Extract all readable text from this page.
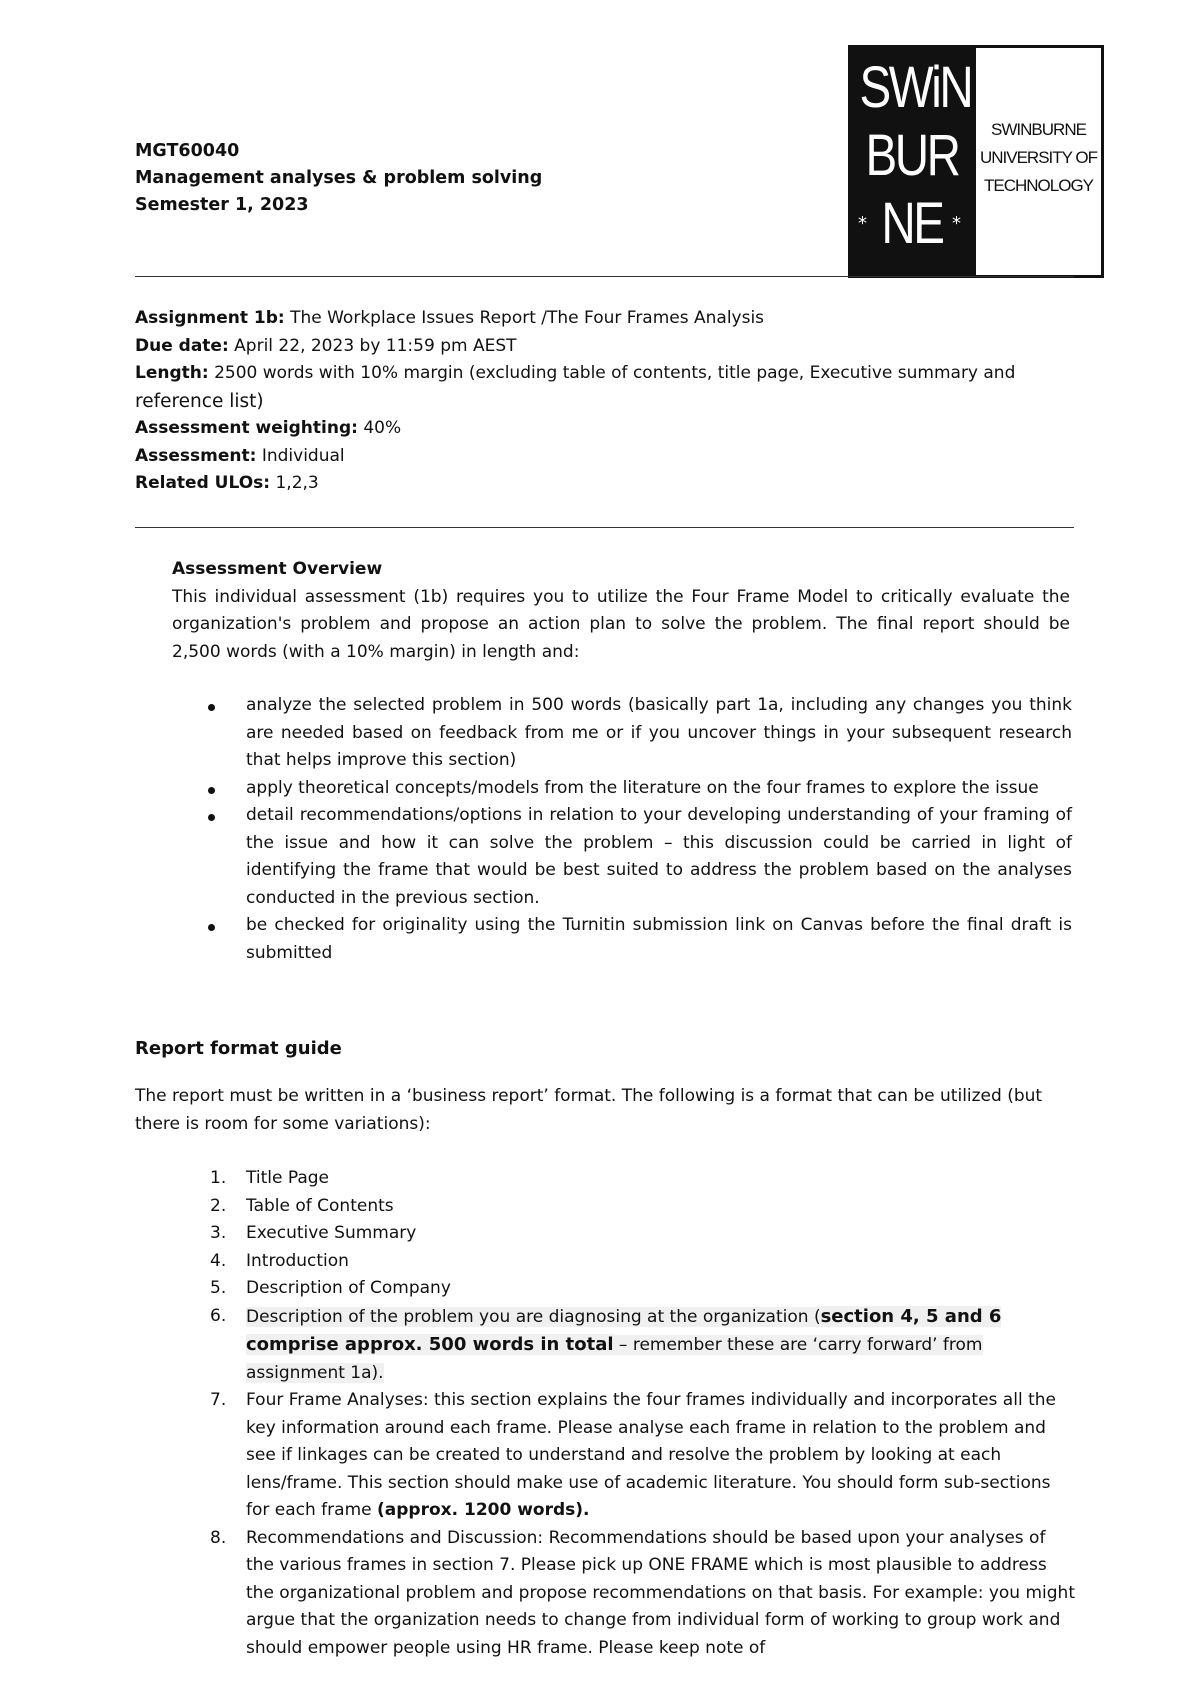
MGT60040
Management analyses & problem solving
Semester 1, 2023
SWiN
BUR
NE
*	*
SWINBURNE
UNIVERSITY OF
TECHNOLOGY
Assignment 1b: The Workplace Issues Report /The Four Frames Analysis
Due date: April 22, 2023 by 11:59 pm AEST
Length: 2500 words with 10% margin (excluding table of contents, title page, Executive summary and
reference list)
Assessment weighting: 40%
Assessment: Individual
Related ULOs: 1,2,3
Assessment Overview
This individual assessment (1b) requires you to utilize the Four Frame Model to critically evaluate the organization's problem and propose an action plan to solve the problem. The final report should be 2,500 words (with a 10% margin) in length and:
analyze the selected problem in 500 words (basically part 1a, including any changes you think are needed based on feedback from me or if you uncover things in your subsequent research that helps improve this section)
apply theoretical concepts/models from the literature on the four frames to explore the issue
detail recommendations/options in relation to your developing understanding of your framing of the issue and how it can solve the problem – this discussion could be carried in light of identifying the frame that would be best suited to address the problem based on the analyses conducted in the previous section.
be checked for originality using the Turnitin submission link on Canvas before the final draft is submitted
Report format guide
The report must be written in a ‘business report’ format. The following is a format that can be utilized (but there is room for some variations):
1.	Title Page
2.	Table of Contents
3.	Executive Summary
4.	Introduction
5.	Description of Company
6.	Description of the problem you are diagnosing at the organization (section 4, 5 and 6 comprise approx. 500 words in total – remember these are ‘carry forward’ from assignment 1a).
7.	Four Frame Analyses: this section explains the four frames individually and incorporates all the key information around each frame. Please analyse each frame in relation to the problem and see if linkages can be created to understand and resolve the problem by looking at each lens/frame. This section should make use of academic literature. You should form sub-sections for each frame (approx. 1200 words).
8.	Recommendations and Discussion: Recommendations should be based upon your analyses of the various frames in section 7. Please pick up ONE FRAME which is most plausible to address the organizational problem and propose recommendations on that basis. For example: you might argue that the organization needs to change from individual form of working to group work and should empower people using HR frame. Please keep note of
